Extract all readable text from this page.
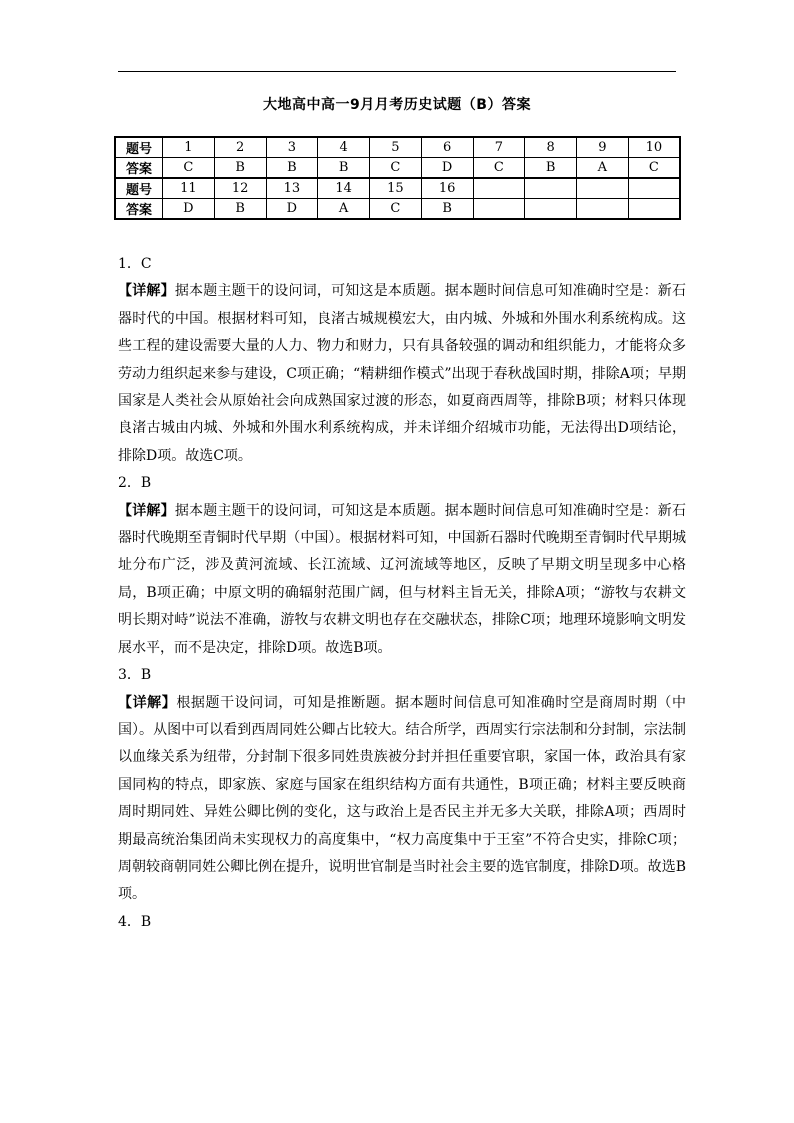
大地高中高一9月月考历史试题（B）答案
题号	1	2	3	4	5	6	7	8	9	10
答案	C	B	B	B	C	D	C	B	A	C
题号	11	12	13	14	15	16				
答案	D	B	D	A	C	B				

1．C

【详解】据本题主题干的设问词，可知这是本质题。据本题时间信息可知准确时空是：新石器时代的中国。根据材料可知，良渚古城规模宏大，由内城、外城和外围水利系统构成。这些工程的建设需要大量的人力、物力和财力，只有具备较强的调动和组织能力，才能将众多劳动力组织起来参与建设，C项正确；“精耕细作模式”出现于春秋战国时期，排除A项；早期国家是人类社会从原始社会向成熟国家过渡的形态，如夏商西周等，排除B项；材料只体现良渚古城由内城、外城和外围水利系统构成，并未详细介绍城市功能，无法得出D项结论，排除D项。故选C项。

2．B

【详解】据本题主题干的设问词，可知这是本质题。据本题时间信息可知准确时空是：新石器时代晚期至青铜时代早期（中国）。根据材料可知，中国新石器时代晚期至青铜时代早期城址分布广泛，涉及黄河流域、长江流域、辽河流域等地区，反映了早期文明呈现多中心格局，B项正确；中原文明的确辐射范围广阔，但与材料主旨无关，排除A项；“游牧与农耕文明长期对峙”说法不准确，游牧与农耕文明也存在交融状态，排除C项；地理环境影响文明发展水平，而不是决定，排除D项。故选B项。

3．B

【详解】根据题干设问词，可知是推断题。据本题时间信息可知准确时空是商周时期（中国）。从图中可以看到西周同姓公卿占比较大。结合所学，西周实行宗法制和分封制，宗法制以血缘关系为纽带，分封制下很多同姓贵族被分封并担任重要官职，家国一体，政治具有家国同构的特点，即家族、家庭与国家在组织结构方面有共通性，B项正确；材料主要反映商周时期同姓、异姓公卿比例的变化，这与政治上是否民主并无多大关联，排除A项；西周时期最高统治集团尚未实现权力的高度集中，“权力高度集中于王室”不符合史实，排除C项；周朝较商朝同姓公卿比例在提升，说明世官制是当时社会主要的选官制度，排除D项。故选B项。

4．B
